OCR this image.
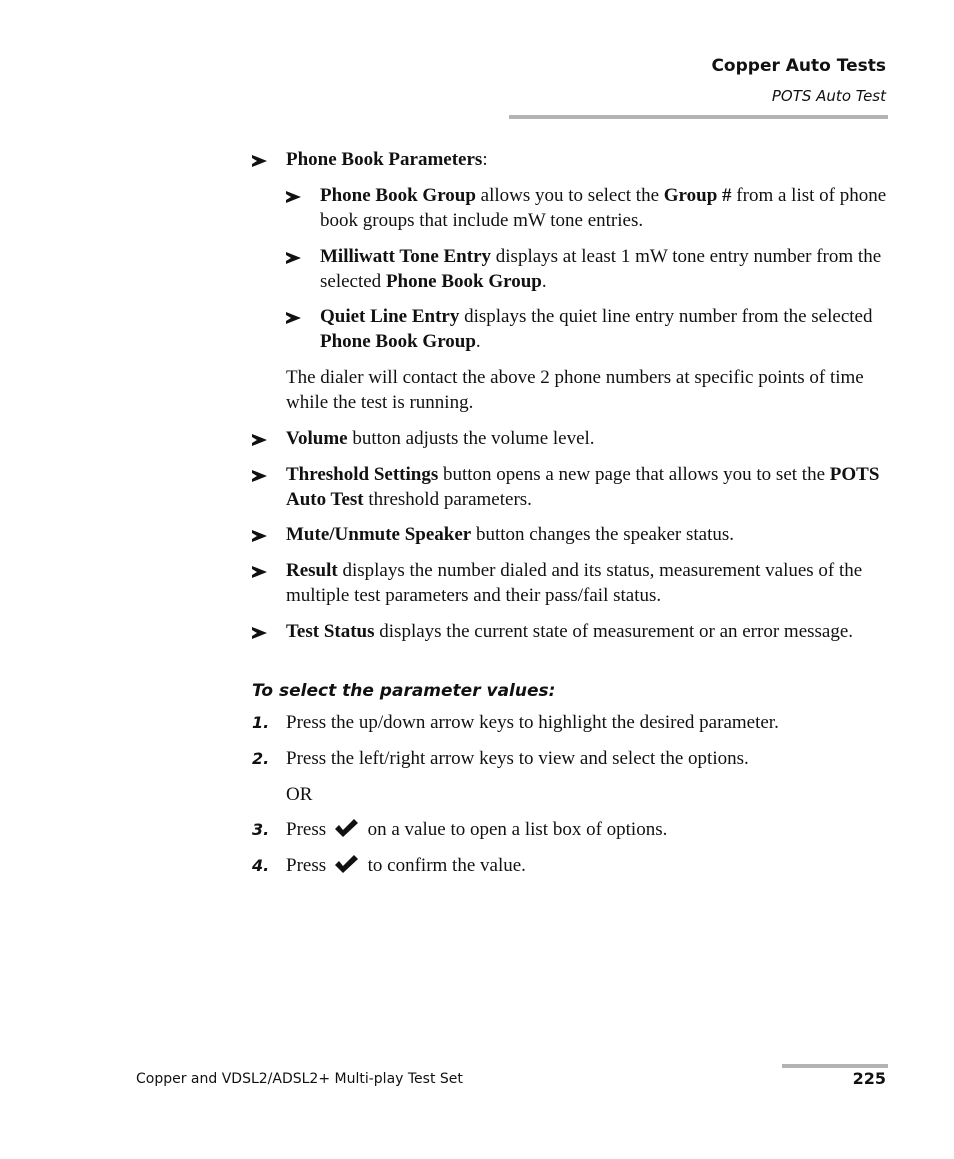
Copper Auto Tests
POTS Auto Test
Phone Book Parameters:
Phone Book Group allows you to select the Group # from a list of phone book groups that include mW tone entries.
Milliwatt Tone Entry displays at least 1 mW tone entry number from the selected Phone Book Group.
Quiet Line Entry displays the quiet line entry number from the selected Phone Book Group.
The dialer will contact the above 2 phone numbers at specific points of time while the test is running.
Volume button adjusts the volume level.
Threshold Settings button opens a new page that allows you to set the POTS Auto Test threshold parameters.
Mute/Unmute Speaker button changes the speaker status.
Result displays the number dialed and its status, measurement values of the multiple test parameters and their pass/fail status.
Test Status displays the current state of measurement or an error message.
To select the parameter values:
1. Press the up/down arrow keys to highlight the desired parameter.
2. Press the left/right arrow keys to view and select the options.
OR
3. Press on a value to open a list box of options.
4. Press to confirm the value.
Copper and VDSL2/ADSL2+ Multi-play Test Set	225
